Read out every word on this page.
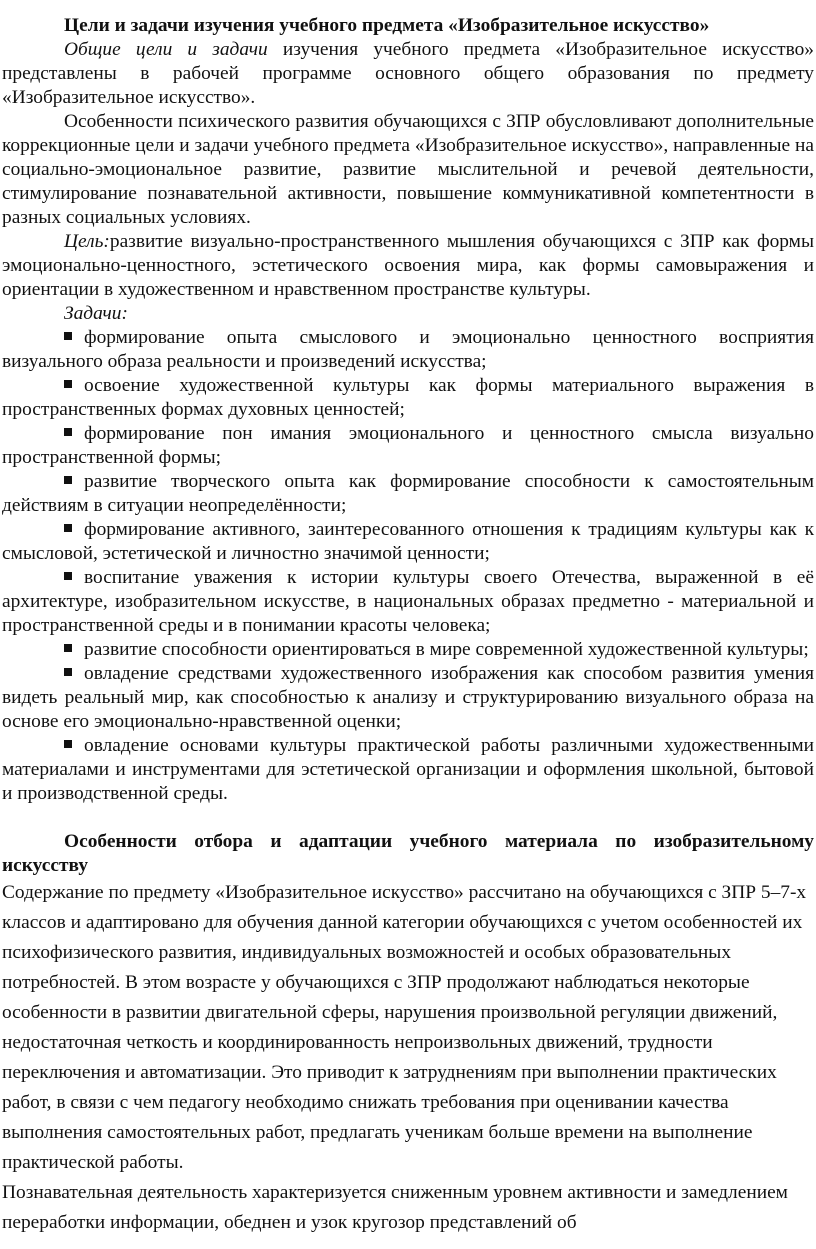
Цели и задачи изучения учебного предмета «Изобразительное искусство»

Общие цели и задачи изучения учебного предмета «Изобразительное искусство» представлены в рабочей программе основного общего образования по предмету «Изобразительное искусство».

Особенности психического развития обучающихся с ЗПР обусловливают дополнительные коррекционные цели и задачи учебного предмета «Изобразительное искусство», направленные на социально-эмоциональное развитие, развитие мыслительной и речевой деятельности, стимулирование познавательной активности, повышение коммуникативной компетентности в разных социальных условиях.

Цель:развитие визуально-пространственного мышления обучающихся с ЗПР как формы эмоционально-ценностного, эстетического освоения мира, как формы самовыражения и ориентации в художественном и нравственном пространстве культуры.

Задачи:

формирование опыта смыслового и эмоционально ценностного восприятия визуального образа реальности и произведений искусства;

освоение художественной культуры как формы материального выражения в пространственных формах духовных ценностей;

формирование пон имания эмоционального и ценностного смысла визуально пространственной формы;

развитие творческого опыта как формирование способности к самостоятельным действиям в ситуации неопределённости;

формирование активного, заинтересованного отношения к традициям культуры как к смысловой, эстетической и личностно значимой ценности;

воспитание уважения к истории культуры своего Отечества, выраженной в её архитектуре, изобразительном искусстве, в национальных образах предметно - материальной и пространственной среды и в понимании красоты человека;

развитие способности ориентироваться в мире современной художественной культуры;

овладение средствами художественного изображения как способом развития умения видеть реальный мир, как способностью к анализу и структурированию визуального образа на основе его эмоционально-нравственной оценки;

овладение основами культуры практической работы различными художественными материалами и инструментами для эстетической организации и оформления школьной, бытовой и производственной среды.

Особенности отбора и адаптации учебного материала по изобразительному искусству

Содержание по предмету «Изобразительное искусство» рассчитано на обучающихся с ЗПР 5–7-х классов и адаптировано для обучения данной категории обучающихся с учетом особенностей их психофизического развития, индивидуальных возможностей и особых образовательных потребностей. В этом возрасте у обучающихся с ЗПР продолжают наблюдаться некоторые особенности в развитии двигательной сферы, нарушения произвольной регуляции движений, недостаточная четкость и координированность непроизвольных движений, трудности переключения и автоматизации. Это приводит к затруднениям при выполнении практических работ, в связи с чем педагогу необходимо снижать требования при оценивании качества выполнения самостоятельных работ, предлагать ученикам больше времени на выполнение практической работы.

Познавательная деятельность характеризуется сниженным уровнем активности и замедлением переработки информации, обеднен и узок кругозор представлений об
